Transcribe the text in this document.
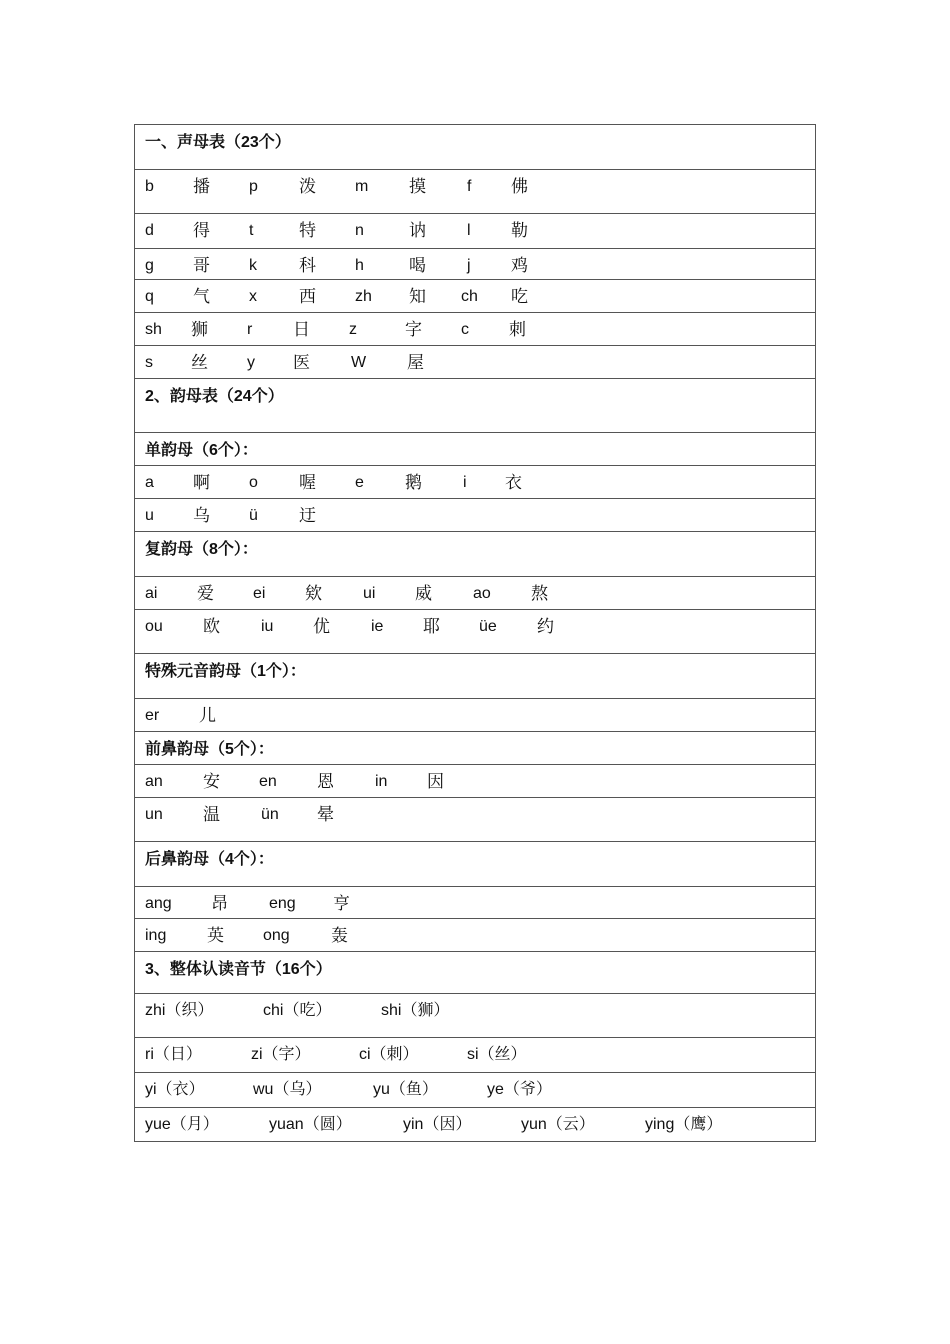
一、声母表（23个）
b 播 p 泼 m 摸	f 佛
d 得 t	特 n	讷	l 勒
g 哥 k 科 h	喝	j 鸡
q 气 x 西 zh 知 ch 吃
sh 狮 r 日 z	字 c 刺
s 丝 y 医	W 屋
2、韵母表（24个）
单韵母（6个）：
a 啊 o 喔 e 鹅	i 衣
u 乌 ü 迂
复韵母（8个）：
ai 爱 ei 欸	ui 威	ao 熬
ou 欧	iu 优	ie 耶 üe 约
特殊元音韵母（1个）：
er 儿
前鼻韵母（5个）：
an 安 en 恩	in 因
un 温	ün 晕
后鼻韵母（4个）：
ang 昂	eng 亨
ing 英 ong 轰
3、整体认读音节（16个）
zhi（织）	chi（吃）	shi（狮）
ri（日）	zi（字）	ci（刺）	si（丝）
yi（衣）	wu（乌）	yu（鱼）	ye（爷）
yue（月）	yuan（圆）	yin（因）	yun（云）	ying（鹰）
